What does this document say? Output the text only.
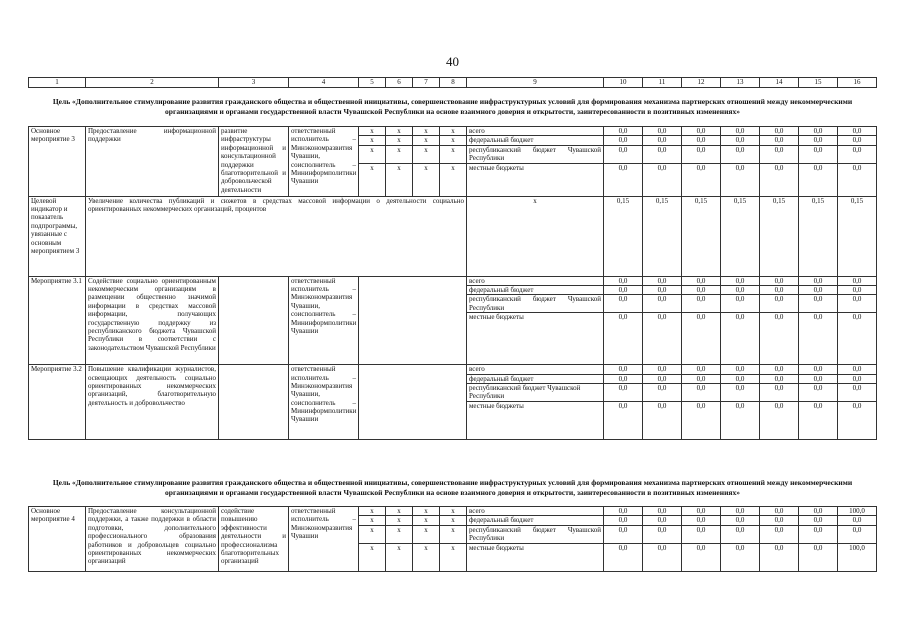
40
1	2	3	4	5	6	7	8	9	10	11	12	13	14	15	16
Цель «Дополнительное стимулирование развития гражданского общества и общественной инициативы, совершенствование инфраструктурных условий для формирования механизма партнерских отношений между некоммерческими организациями и органами государственной власти Чувашской Республики на основе взаимного доверия и открытости, заинтересованности в позитивных изменениях»
Основное мероприятие 3	Предоставление информационной поддержки	развитие инфраструктуры информационной и консультационной поддержки благотворительной и добровольческой деятельности	ответственный исполнитель – Минэкономразвития Чувашии, соисполнитель – Мининформполитики Чувашии	x	x	x	x	всего	0,0	0,0	0,0	0,0	0,0	0,0	0,0
				x	x	x	x	федеральный бюджет	0,0	0,0	0,0	0,0	0,0	0,0	0,0
				x	x	x	x	республиканский бюджет Чувашской Республики	0,0	0,0	0,0	0,0	0,0	0,0	0,0
				x	x	x	x	местные бюджеты	0,0	0,0	0,0	0,0	0,0	0,0	0,0
Целевой индикатор и показатель подпрограммы, увязанные с основным мероприятием 3	Увеличение количества публикаций и сюжетов в средствах массовой информации о деятельности социально ориентированных некоммерческих организаций, процентов							x	0,15	0,15	0,15	0,15	0,15	0,15	0,15
Мероприятие 3.1	Содействие социально ориентированным некоммерческим организациям в размещении общественно значимой информации в средствах массовой информации, получающих государственную поддержку из республиканского бюджета Чувашской Республики в соответствии с законодательством Чувашской Республики		ответственный исполнитель – Минэкономразвития Чувашии, соисполнитель – Мининформполитики Чувашии					всего	0,0	0,0	0,0	0,0	0,0	0,0	0,0
								федеральный бюджет	0,0	0,0	0,0	0,0	0,0	0,0	0,0
								республиканский бюджет Чувашской Республики	0,0	0,0	0,0	0,0	0,0	0,0	0,0
								местные бюджеты	0,0	0,0	0,0	0,0	0,0	0,0	0,0
Мероприятие 3.2	Повышение квалификации журналистов, освещающих деятельность социально ориентированных некоммерческих организаций, благотворительную деятельность и добровольчество		ответственный исполнитель – Минэкономразвития Чувашии, соисполнитель – Мининформполитики Чувашии					всего	0,0	0,0	0,0	0,0	0,0	0,0	0,0
								федеральный бюджет	0,0	0,0	0,0	0,0	0,0	0,0	0,0
								республиканский бюджет Чувашской Республики	0,0	0,0	0,0	0,0	0,0	0,0	0,0
								местные бюджеты	0,0	0,0	0,0	0,0	0,0	0,0	0,0
Цель «Дополнительное стимулирование развития гражданского общества и общественной инициативы, совершенствование инфраструктурных условий для формирования механизма партнерских отношений между некоммерческими организациями и органами государственной власти Чувашской Республики на основе взаимного доверия и открытости, заинтересованности в позитивных изменениях»
Основное мероприятие 4	Предоставление консультационной поддержки, а также поддержки в области подготовки, дополнительного профессионального образования работников и добровольцев социально ориентированных некоммерческих организаций	содействие повышению эффективности деятельности и профессионализма благотворительных организаций	ответственный исполнитель – Минэкономразвития Чувашии	x	x	x	x	всего	0,0	0,0	0,0	0,0	0,0	0,0	100,0
				x	x	x	x	федеральный бюджет	0,0	0,0	0,0	0,0	0,0	0,0	0,0
				x	x	x	x	республиканский бюджет Чувашской Республики	0,0	0,0	0,0	0,0	0,0	0,0	0,0
				x	x	x	x	местные бюджеты	0,0	0,0	0,0	0,0	0,0	0,0	100,0
